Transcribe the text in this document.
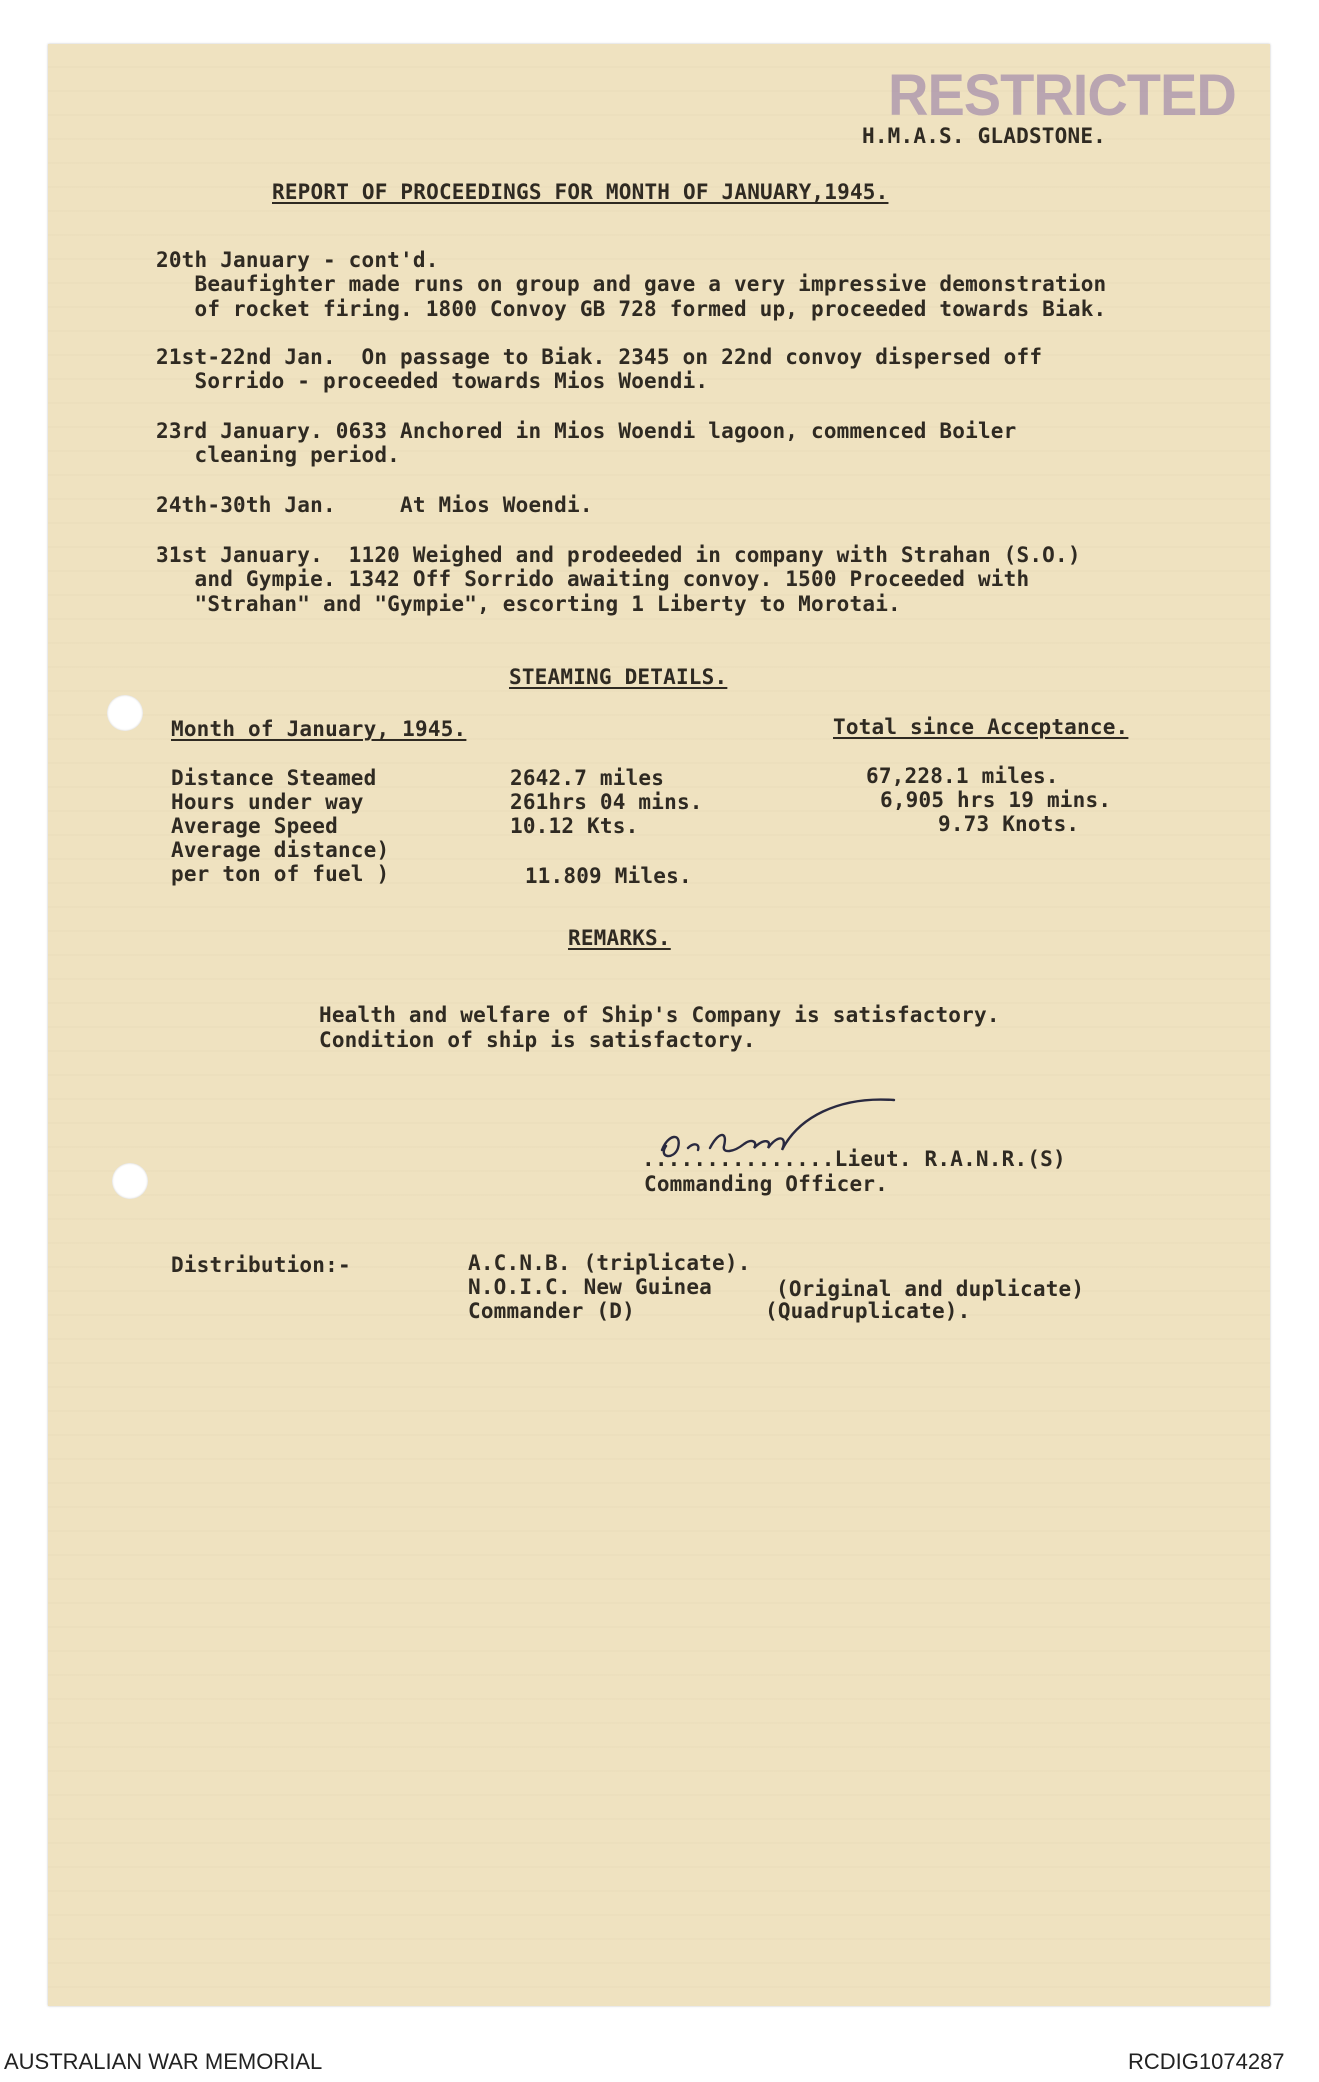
RESTRICTED
H.M.A.S. GLADSTONE.
REPORT OF PROCEEDINGS FOR MONTH OF JANUARY,1945.
20th January - cont'd.
Beaufighter made runs on group and gave a very impressive demonstration
of rocket firing. 1800 Convoy GB 728 formed up, proceeded towards Biak.
21st-22nd Jan.  On passage to Biak. 2345 on 22nd convoy dispersed off
Sorrido - proceeded towards Mios Woendi.
23rd January. 0633 Anchored in Mios Woendi lagoon, commenced Boiler
cleaning period.
24th-30th Jan.     At Mios Woendi.
31st January.  1120 Weighed and prodeeded in company with Strahan (S.O.)
and Gympie. 1342 Off Sorrido awaiting convoy. 1500 Proceeded with
"Strahan" and "Gympie", escorting 1 Liberty to Morotai.
STEAMING DETAILS.
Month of January, 1945.	Total since Acceptance.
Distance Steamed	2642.7 miles	67,228.1 miles.
Hours under way	261hrs 04 mins.	6,905 hrs 19 mins.
Average Speed	10.12 Kts.	9.73 Knots.
Average distance)
per ton of fuel )	11.809 Miles.
REMARKS.
Health and welfare of Ship's Company is satisfactory.
Condition of ship is satisfactory.
...............Lieut. R.A.N.R.(S)
Commanding Officer.
Distribution:-	A.C.N.B. (triplicate).
N.O.I.C. New Guinea	(Original and duplicate)
Commander (D)	(Quadruplicate).
AUSTRALIAN WAR MEMORIAL	RCDIG1074287
